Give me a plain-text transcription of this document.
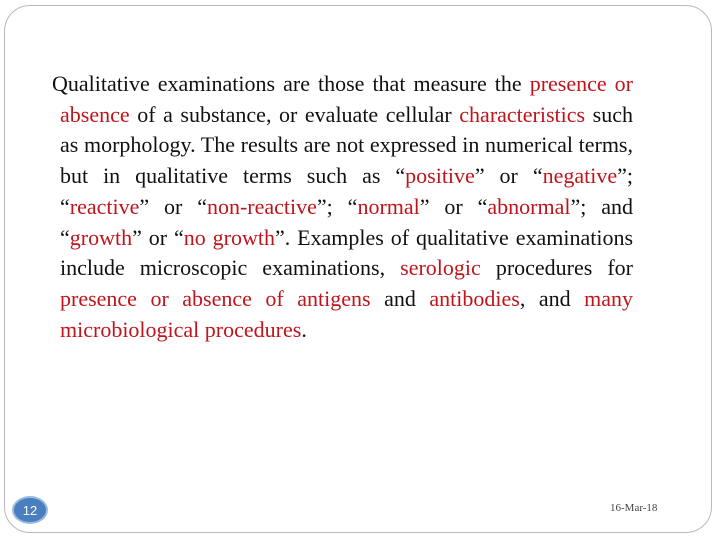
Qualitative examinations are those that measure the presence or absence of a substance, or evaluate cellular characteristics such as morphology. The results are not expressed in numerical terms, but in qualitative terms such as “positive” or “negative”; “reactive” or “non-reactive”; “normal” or “abnormal”; and “growth” or “no growth”. Examples of qualitative examinations include microscopic examinations, serologic procedures for presence or absence of antigens and antibodies, and many microbiological procedures.

12	16-Mar-18
